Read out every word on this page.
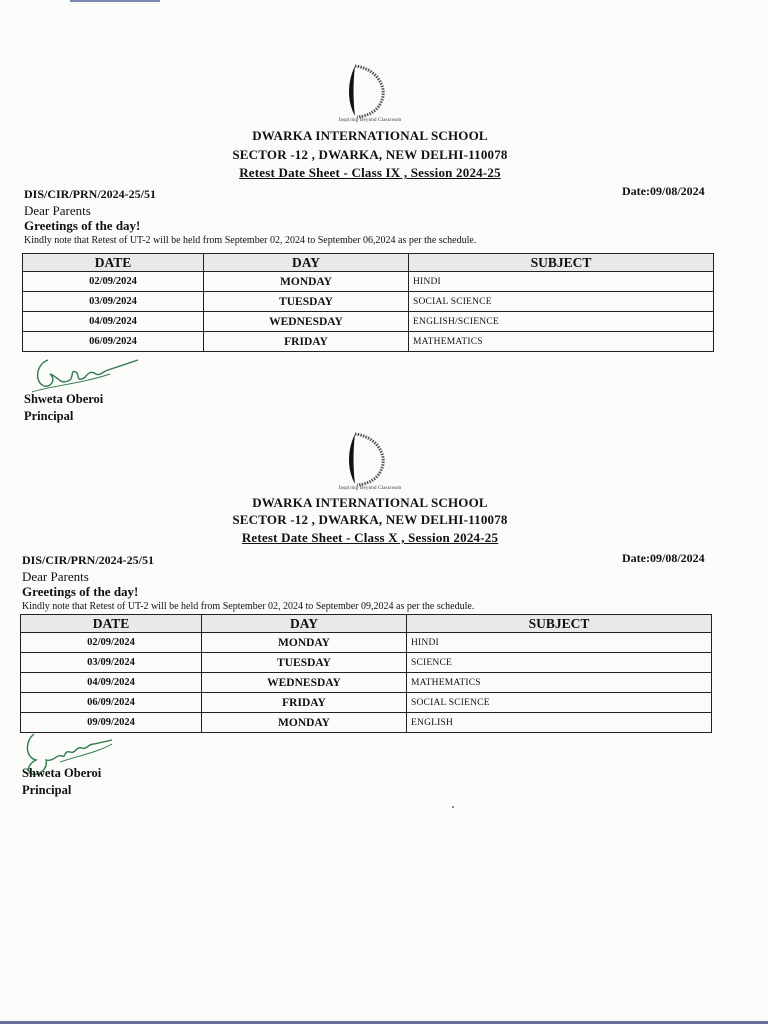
Inspiring Beyond Classroom
DWARKA INTERNATIONAL SCHOOL
SECTOR -12 , DWARKA, NEW DELHI-110078
Retest Date Sheet - Class IX , Session 2024-25
DIS/CIR/PRN/2024-25/51	Date:09/08/2024
Dear Parents
Greetings of the day!
Kindly note that Retest of UT-2 will be held from September 02, 2024 to September 06,2024 as per the schedule.
DATE	DAY	SUBJECT
02/09/2024	MONDAY	HINDI
03/09/2024	TUESDAY	SOCIAL SCIENCE
04/09/2024	WEDNESDAY	ENGLISH/SCIENCE
06/09/2024	FRIDAY	MATHEMATICS
Shweta Oberoi
Principal
Inspiring Beyond Classroom
DWARKA INTERNATIONAL SCHOOL
SECTOR -12 , DWARKA, NEW DELHI-110078
Retest Date Sheet - Class X , Session 2024-25
DIS/CIR/PRN/2024-25/51	Date:09/08/2024
Dear Parents
Greetings of the day!
Kindly note that Retest of UT-2 will be held from September 02, 2024 to September 09,2024 as per the schedule.
DATE	DAY	SUBJECT
02/09/2024	MONDAY	HINDI
03/09/2024	TUESDAY	SCIENCE
04/09/2024	WEDNESDAY	MATHEMATICS
06/09/2024	FRIDAY	SOCIAL SCIENCE
09/09/2024	MONDAY	ENGLISH
Shweta Oberoi
Principal
